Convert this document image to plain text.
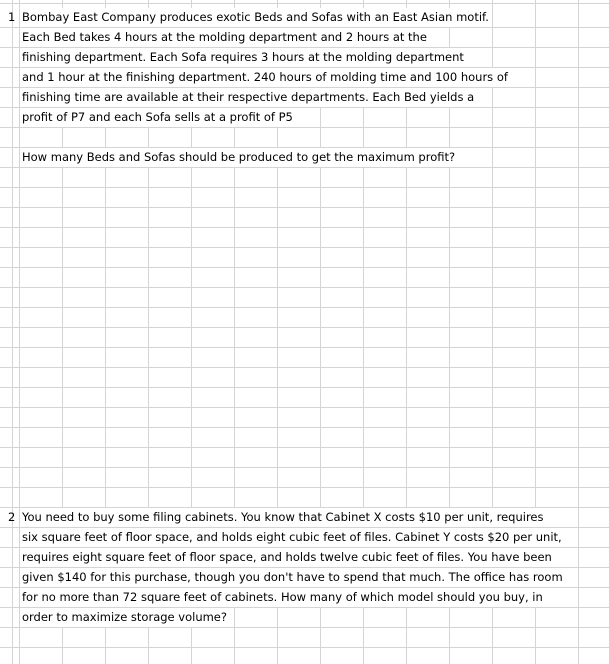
1 Bombay East Company produces exotic Beds and Sofas with an East Asian motif.
Each Bed takes 4 hours at the molding department and 2 hours at the
finishing department. Each Sofa requires 3 hours at the molding department
and 1 hour at the finishing department. 240 hours of molding time and 100 hours of
finishing time are available at their respective departments. Each Bed yields a
profit of P7 and each Sofa sells at a profit of P5
How many Beds and Sofas should be produced to get the maximum profit?
2 You need to buy some filing cabinets. You know that Cabinet X costs $10 per unit, requires
six square feet of floor space, and holds eight cubic feet of files. Cabinet Y costs $20 per unit,
requires eight square feet of floor space, and holds twelve cubic feet of files. You have been
given $140 for this purchase, though you don't have to spend that much. The office has room
for no more than 72 square feet of cabinets. How many of which model should you buy, in
order to maximize storage volume?
